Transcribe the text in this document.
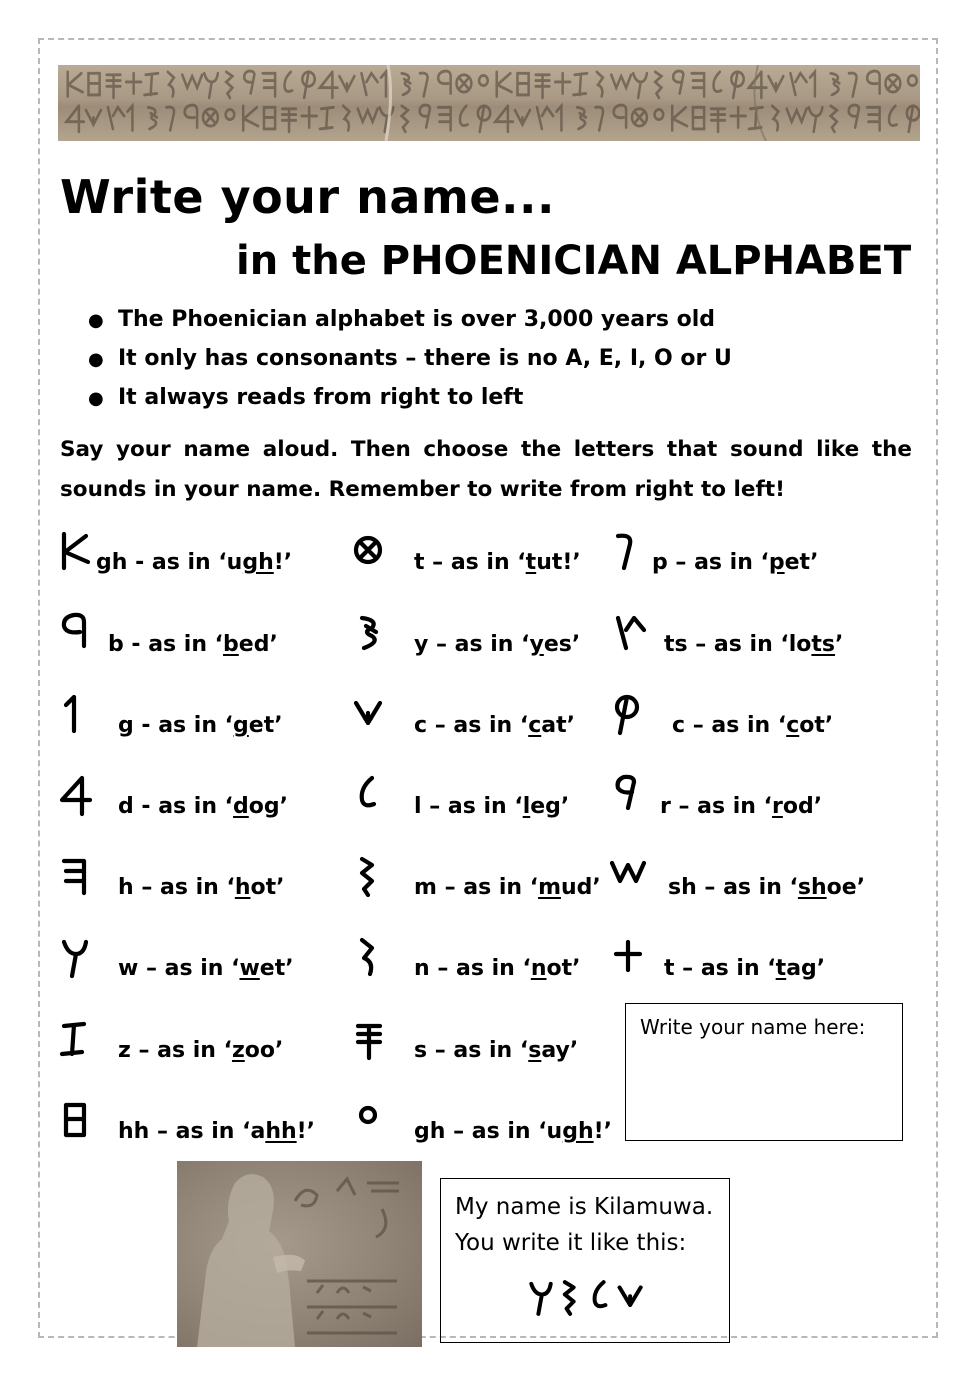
Write your name...
in the PHOENICIAN ALPHABET
● The Phoenician alphabet is over 3,000 years old
● It only has consonants – there is no A, E, I, O or U
● It always reads from right to left
Say your name aloud. Then choose the letters that sound like the sounds in your name. Remember to write from right to left!
gh - as in ‘ugh!’
b - as in ‘bed’
g - as in ‘get’
d - as in ‘dog’
h – as in ‘hot’
w – as in ‘wet’
z – as in ‘zoo’
hh – as in ‘ahh!’
t – as in ‘tut!’
y – as in ‘yes’
c – as in ‘cat’
l – as in ‘leg’
m – as in ‘mud’
n – as in ‘not’
s – as in ‘say’
gh – as in ‘ugh!’
p – as in ‘pet’
ts – as in ‘lots’
c – as in ‘cot’
r – as in ‘rod’
sh – as in ‘shoe’
t – as in ‘tag’
Write your name here:
My name is Kilamuwa.
You write it like this:
